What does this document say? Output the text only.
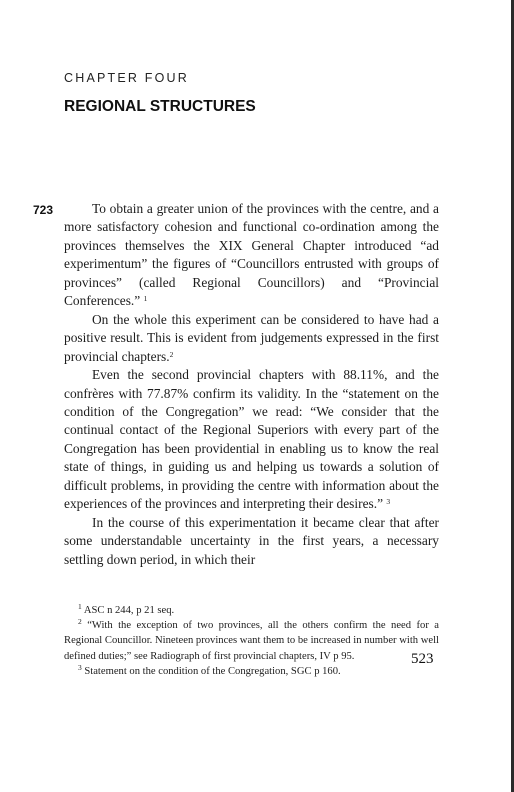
CHAPTER FOUR
REGIONAL STRUCTURES
723	To obtain a greater union of the provinces with the centre, and a more satisfactory cohesion and functional co-ordination among the provinces themselves the XIX General Chapter introduced “ad experimentum” the figures of “Councillors entrusted with groups of provinces” (called Regional Councillors) and “Provincial Conferences.” $^1$

On the whole this experiment can be considered to have had a positive result. This is evident from judgements expressed in the first provincial chapters.$^2$

Even the second provincial chapters with 88.11%, and the confrères with 77.87% confirm its validity. In the “statement on the condition of the Congregation” we read: “We consider that the continual contact of the Regional Superiors with every part of the Congregation has been providential in enabling us to know the real state of things, in guiding us and helping us towards a solution of difficult problems, in providing the centre with information about the experiences of the provinces and interpreting their desires.” $^3$

In the course of this experimentation it became clear that after some understandable uncertainty in the first years, a necessary settling down period, in which their

$^1$ ASC n 244, p 21 seq.

$^2$ “With the exception of two provinces, all the others confirm the need for a Regional Councillor. Nineteen provinces want them to be increased in number with well defined duties;” see Radiograph of first provincial chapters, IV p 95.

$^3$ Statement on the condition of the Congregation, SGC p 160.

523
